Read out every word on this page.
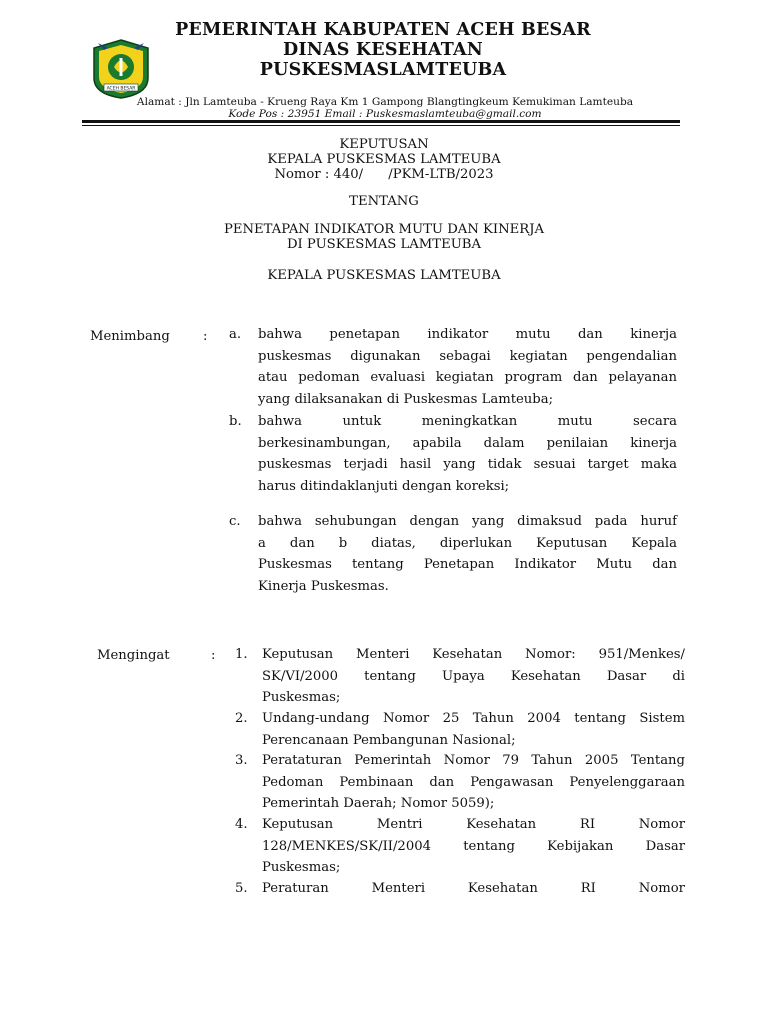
ACEH BESAR
PEMERINTAH KABUPATEN ACEH BESAR
DINAS KESEHATAN
PUSKESMASLAMTEUBA
Alamat : Jln Lamteuba - Krueng Raya Km 1 Gampong Blangtingkeum Kemukiman Lamteuba
Kode Pos : 23951 Email : Puskesmaslamteuba@gmail.com
KEPUTUSAN
KEPALA PUSKESMAS LAMTEUBA
Nomor : 440/      /PKM-LTB/2023
TENTANG
PENETAPAN INDIKATOR MUTU DAN KINERJA
DI PUSKESMAS LAMTEUBA
KEPALA PUSKESMAS LAMTEUBA
Menimbang	: a. bahwa penetapan indikator mutu dan kinerja
puskesmas digunakan sebagai kegiatan pengendalian
atau pedoman evaluasi kegiatan program dan pelayanan
yang dilaksanakan di Puskesmas Lamteuba;
b. bahwa untuk meningkatkan mutu secara
berkesinambungan, apabila dalam penilaian kinerja
puskesmas terjadi hasil yang tidak sesuai target maka
harus ditindaklanjuti dengan koreksi;
c. bahwa sehubungan dengan yang dimaksud pada huruf
a dan b diatas, diperlukan Keputusan Kepala
Puskesmas tentang Penetapan Indikator Mutu dan
Kinerja Puskesmas.
Mengingat	: 1. Keputusan Menteri Kesehatan Nomor: 951/Menkes/
SK/VI/2000 tentang Upaya Kesehatan Dasar di
Puskesmas;
2. Undang-undang Nomor 25 Tahun 2004 tentang Sistem
Perencanaan Pembangunan Nasional;
3. Perataturan Pemerintah Nomor 79 Tahun 2005 Tentang
Pedoman Pembinaan dan Pengawasan Penyelenggaraan
Pemerintah Daerah; Nomor 5059);
4. Keputusan Mentri Kesehatan RI Nomor
128/MENKES/SK/II/2004 tentang Kebijakan Dasar
Puskesmas;
5. Peraturan Menteri Kesehatan RI Nomor
